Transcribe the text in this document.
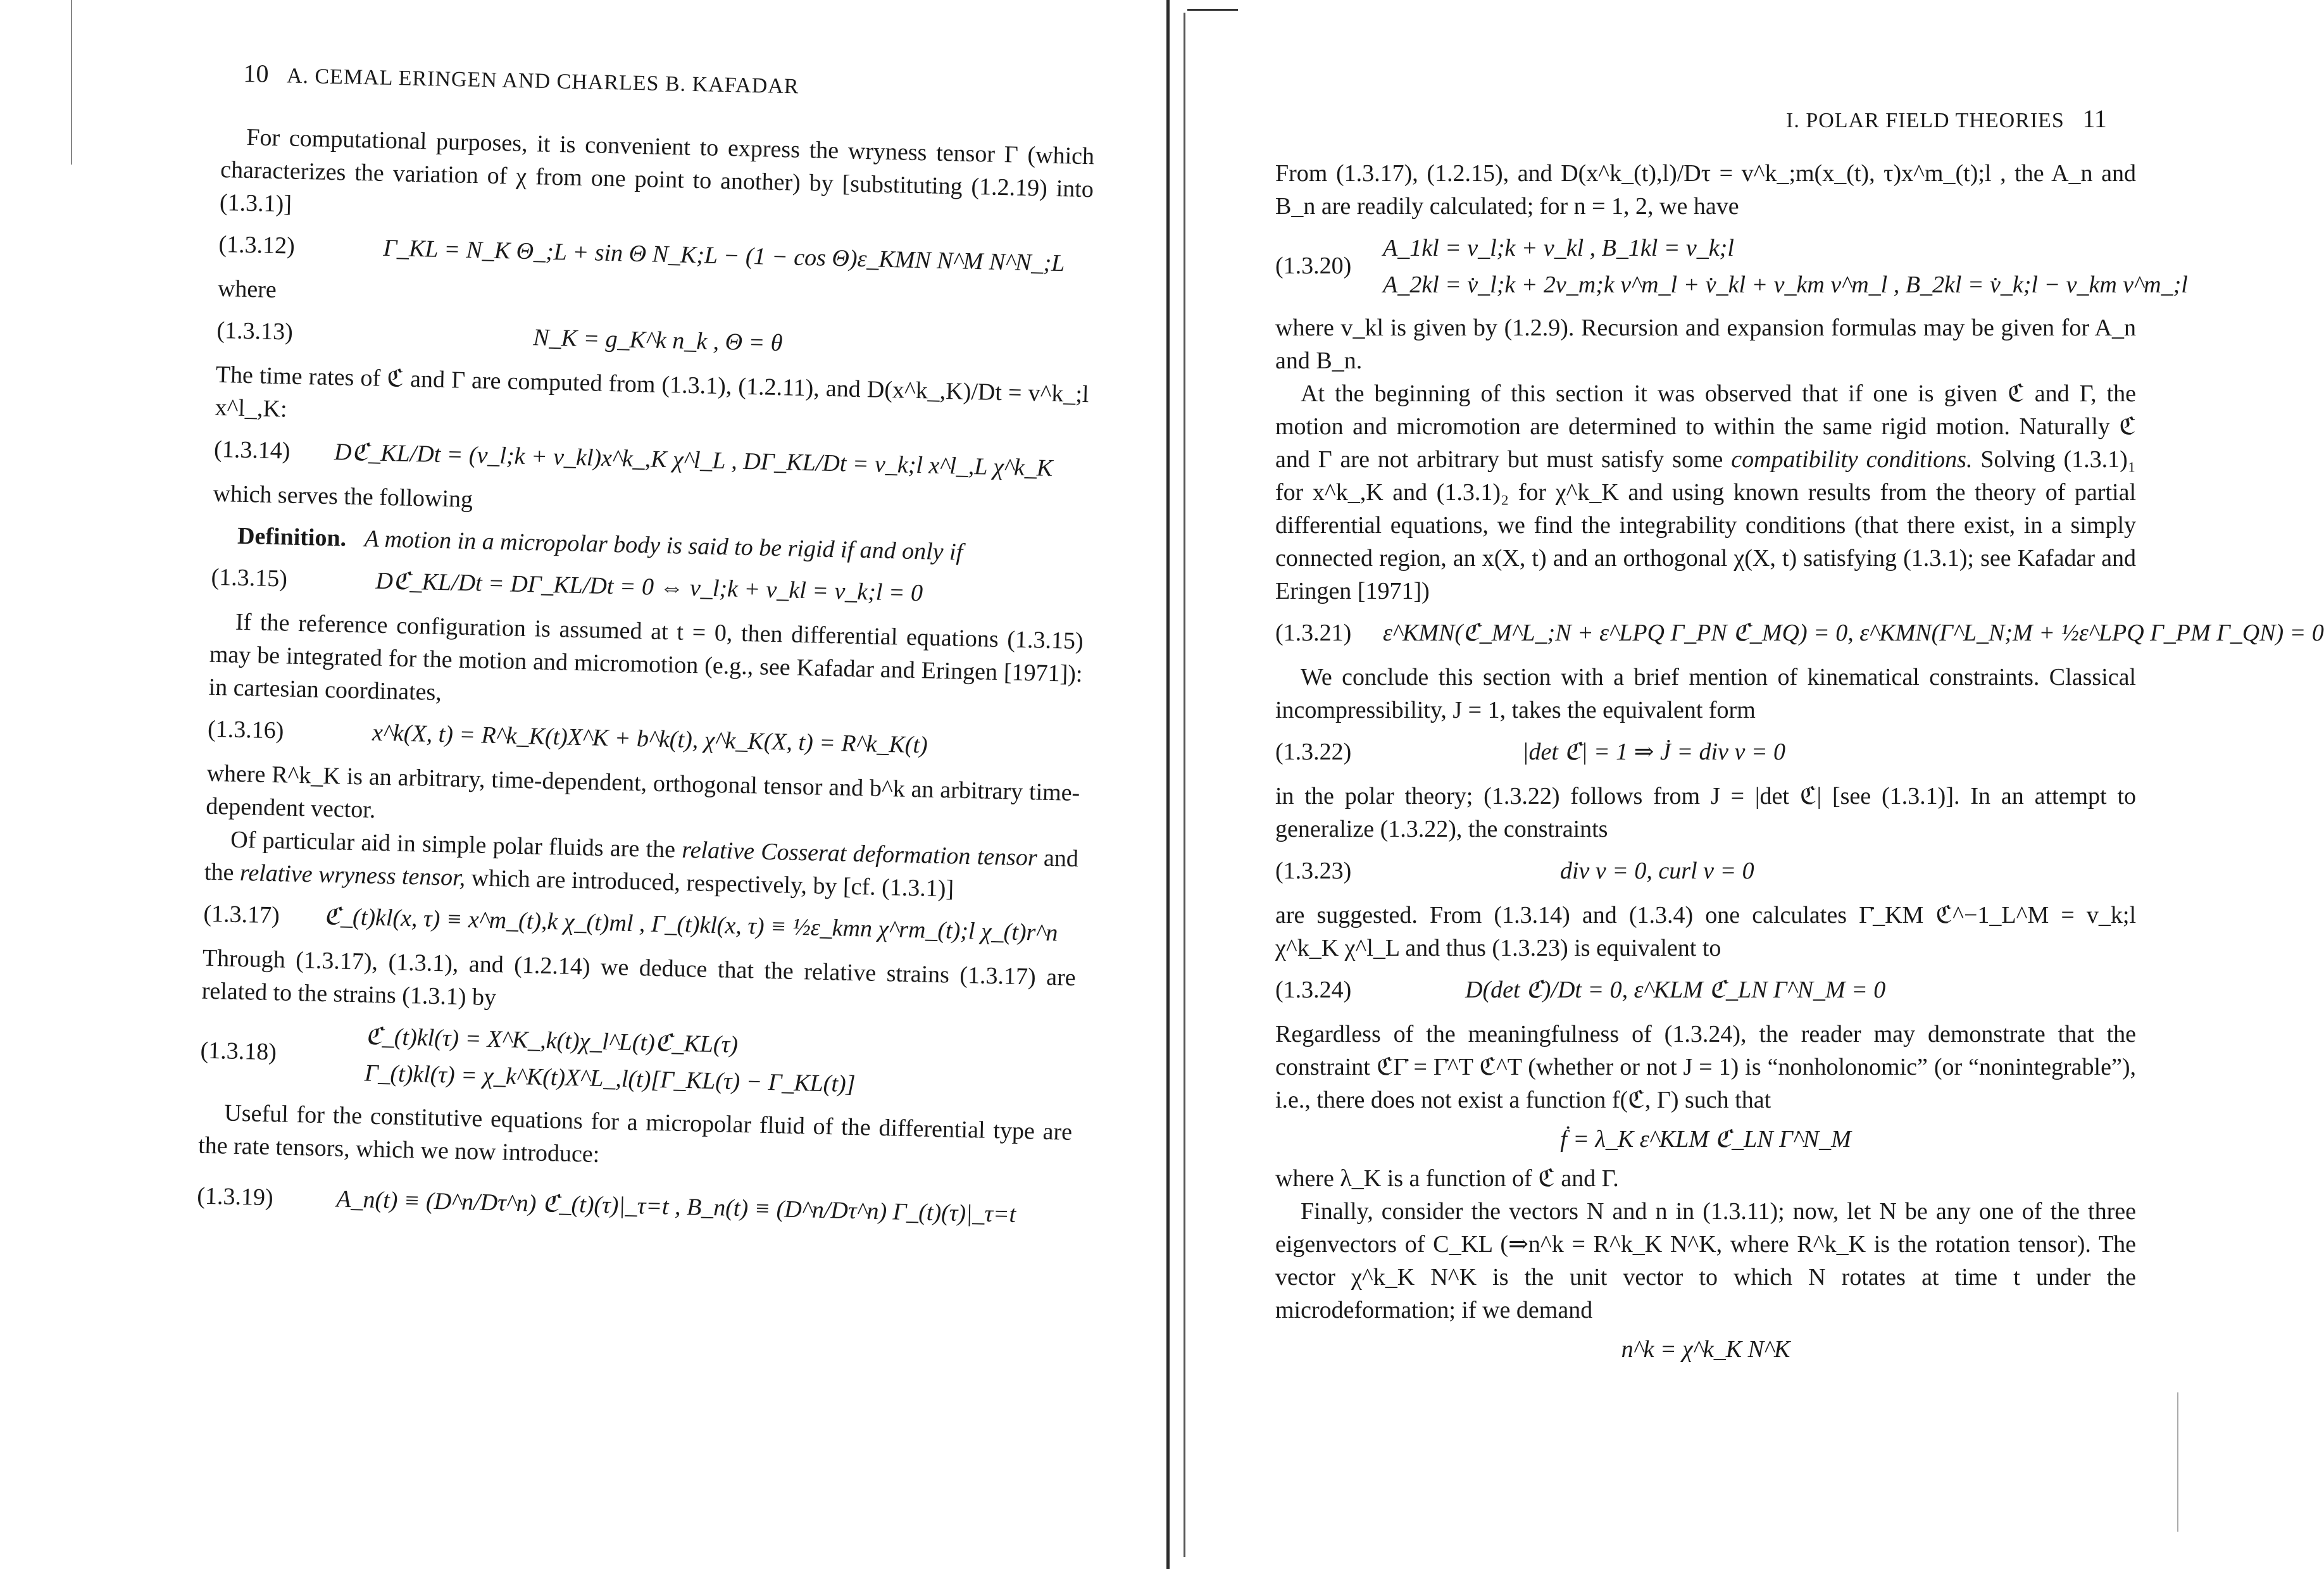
10 A. CEMAL ERINGEN AND CHARLES B. KAFADAR

For computational purposes, it is convenient to express the wryness tensor Γ (which characterizes the variation of χ from one point to another) by [substituting (1.2.19) into (1.3.1)]

(1.3.12)	Γ_KL = N_K Θ_;L + sin Θ N_K;L − (1 − cos Θ)ε_KMN N^M N^N_;L

where

(1.3.13)	N_K = g_K^k n_k , Θ = θ

The time rates of ℭ and Γ are computed from (1.3.1), (1.2.11), and D(x^k_,K)/Dt = v^k_;l x^l_,K:

(1.3.14) Dℭ_KL/Dt = (v_l;k + v_kl)x^k_,K χ^l_L , DΓ_KL/Dt = v_k;l x^l_,L χ^k_K

which serves the following

Definition. A motion in a micropolar body is said to be rigid if and only if

(1.3.15)	Dℭ_KL/Dt = DΓ_KL/Dt = 0 ⇔ v_l;k + v_kl = v_k;l = 0

If the reference configuration is assumed at t = 0, then differential equations (1.3.15) may be integrated for the motion and micromotion (e.g., see Kafadar and Eringen [1971]): in cartesian coordinates,

(1.3.16)	x^k(X, t) = R^k_K(t)X^K + b^k(t), χ^k_K(X, t) = R^k_K(t)

where R^k_K is an arbitrary, time-dependent, orthogonal tensor and b^k an arbitrary time-dependent vector.

Of particular aid in simple polar fluids are the relative Cosserat deformation tensor and the relative wryness tensor, which are introduced, respectively, by [cf. (1.3.1)]

(1.3.17) ℭ_(t)kl(x, τ) ≡ x^m_(t),k χ_(t)ml , Γ_(t)kl(x, τ) ≡ ½ε_kmn χ^rm_(t);l χ_(t)r^n

Through (1.3.17), (1.3.1), and (1.2.14) we deduce that the relative strains (1.3.17) are related to the strains (1.3.1) by

(1.3.18)	ℭ_(t)kl(τ) = X^K_,k(t)χ_l^L(t)ℭ_KL(τ)
Γ_(t)kl(τ) = χ_k^K(t)X^L_,l(t)[Γ_KL(τ) − Γ_KL(t)]

Useful for the constitutive equations for a micropolar fluid of the differential type are the rate tensors, which we now introduce:

(1.3.19)	A_n(t) ≡ (D^n/Dτ^n) ℭ_(t)(τ)|_τ=t , B_n(t) ≡ (D^n/Dτ^n) Γ_(t)(τ)|_τ=t
I. POLAR FIELD THEORIES 11

From (1.3.17), (1.2.15), and D(x^k_(t),l)/Dτ = v^k_;m(x_(t), τ)x^m_(t);l , the A_n and B_n are readily calculated; for n = 1, 2, we have

(1.3.20)
A_1kl = v_l;k + v_kl , B_1kl = v_k;l
A_2kl = v̇_l;k + 2v_m;k v^m_l + v̇_kl + v_km v^m_l , B_2kl = v̇_k;l − v_km v^m_;l

where v_kl is given by (1.2.9). Recursion and expansion formulas may be given for A_n and B_n.

At the beginning of this section it was observed that if one is given ℭ and Γ, the motion and micromotion are determined to within the same rigid motion. Naturally ℭ and Γ are not arbitrary but must satisfy some compatibility conditions. Solving (1.3.1)₁ for x^k_,K and (1.3.1)₂ for χ^k_K and using known results from the theory of partial differential equations, we find the integrability conditions (that there exist, in a simply connected region, an x(X, t) and an orthogonal χ(X, t) satisfying (1.3.1); see Kafadar and Eringen [1971])

(1.3.21) ε^KMN(ℭ_M^L_;N + ε^LPQ Γ_PN ℭ_MQ) = 0, ε^KMN(Γ^L_N;M + ½ε^LPQ Γ_PM Γ_QN) = 0

We conclude this section with a brief mention of kinematical constraints. Classical incompressibility, J = 1, takes the equivalent form

(1.3.22)	|det ℭ| = 1 ⇒ J̇ = div v = 0

in the polar theory; (1.3.22) follows from J = |det ℭ| [see (1.3.1)]. In an attempt to generalize (1.3.22), the constraints

(1.3.23)	div v = 0, curl v = 0

are suggested. From (1.3.14) and (1.3.4) one calculates Γ̇_KM ℭ^−1_L^M = v_k;l χ^k_K χ^l_L and thus (1.3.23) is equivalent to

(1.3.24)	D(det ℭ)/Dt = 0, ε^KLM ℭ_LN Γ̇^N_M = 0

Regardless of the meaningfulness of (1.3.24), the reader may demonstrate that the constraint ℭΓ̇ = Γ̇^T ℭ^T (whether or not J = 1) is “nonholonomic” (or “nonintegrable”), i.e., there does not exist a function f(ℭ, Γ) such that

ḟ = λ_K ε^KLM ℭ_LN Γ̇^N_M

where λ_K is a function of ℭ and Γ.

Finally, consider the vectors N and n in (1.3.11); now, let N be any one of the three eigenvectors of C_KL (⇒n^k = R^k_K N^K, where R^k_K is the rotation tensor). The vector χ^k_K N^K is the unit vector to which N rotates at time t under the microdeformation; if we demand

n^k = χ^k_K N^K
